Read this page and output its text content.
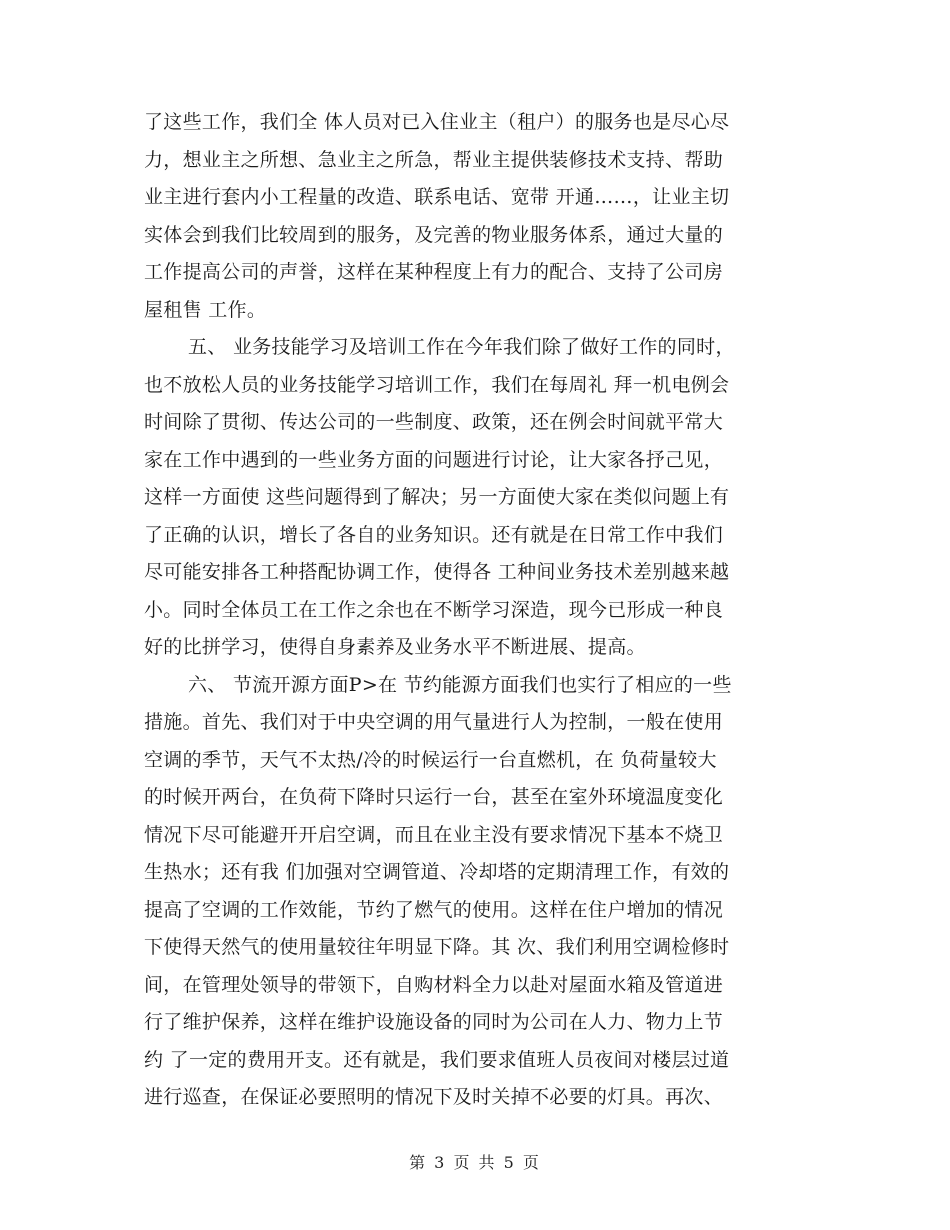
了这些工作，我们全 体人员对已入住业主（租户）的服务也是尽心尽
力，想业主之所想、急业主之所急，帮业主提供装修技术支持、帮助
业主进行套内小工程量的改造、联系电话、宽带 开通……，让业主切
实体会到我们比较周到的服务，及完善的物业服务体系，通过大量的
工作提高公司的声誉，这样在某种程度上有力的配合、支持了公司房
屋租售 工作。
五、 业务技能学习及培训工作在今年我们除了做好工作的同时，
也不放松人员的业务技能学习培训工作，我们在每周礼 拜一机电例会
时间除了贯彻、传达公司的一些制度、政策，还在例会时间就平常大
家在工作中遇到的一些业务方面的问题进行讨论，让大家各抒己见，
这样一方面使 这些问题得到了解决；另一方面使大家在类似问题上有
了正确的认识，增长了各自的业务知识。还有就是在日常工作中我们
尽可能安排各工种搭配协调工作，使得各 工种间业务技术差别越来越
小。同时全体员工在工作之余也在不断学习深造，现今已形成一种良
好的比拼学习，使得自身素养及业务水平不断进展、提高。
六、 节流开源方面P>在 节约能源方面我们也实行了相应的一些
措施。首先、我们对于中央空调的用气量进行人为控制，一般在使用
空调的季节，天气不太热/冷的时候运行一台直燃机，在 负荷量较大
的时候开两台，在负荷下降时只运行一台，甚至在室外环境温度变化
情况下尽可能避开开启空调，而且在业主没有要求情况下基本不烧卫
生热水；还有我 们加强对空调管道、冷却塔的定期清理工作，有效的
提高了空调的工作效能，节约了燃气的使用。这样在住户增加的情况
下使得天然气的使用量较往年明显下降。其 次、我们利用空调检修时
间，在管理处领导的带领下，自购材料全力以赴对屋面水箱及管道进
行了维护保养，这样在维护设施设备的同时为公司在人力、物力上节
约 了一定的费用开支。还有就是，我们要求值班人员夜间对楼层过道
进行巡查，在保证必要照明的情况下及时关掉不必要的灯具。再次、
第 3 页 共 5 页
